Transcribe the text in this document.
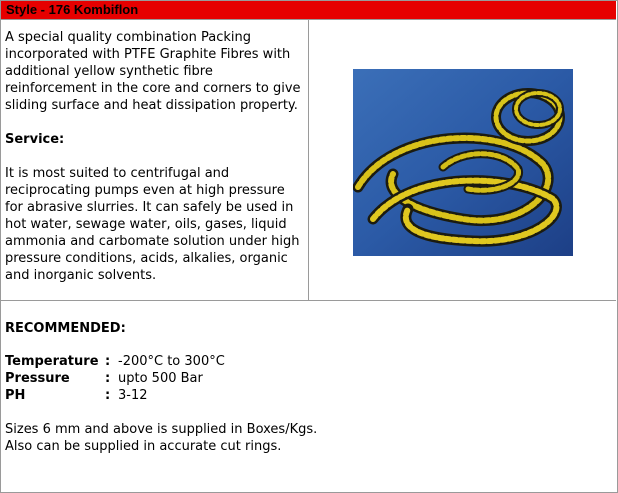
Style - 176 Kombiflon

A special quality combination Packing incorporated with PTFE Graphite Fibres with additional yellow synthetic fibre reinforcement in the core and corners to give sliding surface and heat dissipation property.

Service:

It is most suited to centrifugal and reciprocating pumps even at high pressure for abrasive slurries. It can safely be used in hot water, sewage water, oils, gases, liquid ammonia and carbomate solution under high pressure conditions, acids, alkalies, organic and inorganic solvents.

RECOMMENDED:

Temperature : -200°C to 300°C
Pressure	: upto 500 Bar
PH	: 3-12

Sizes 6 mm and above is supplied in Boxes/Kgs.

Also can be supplied in accurate cut rings.
